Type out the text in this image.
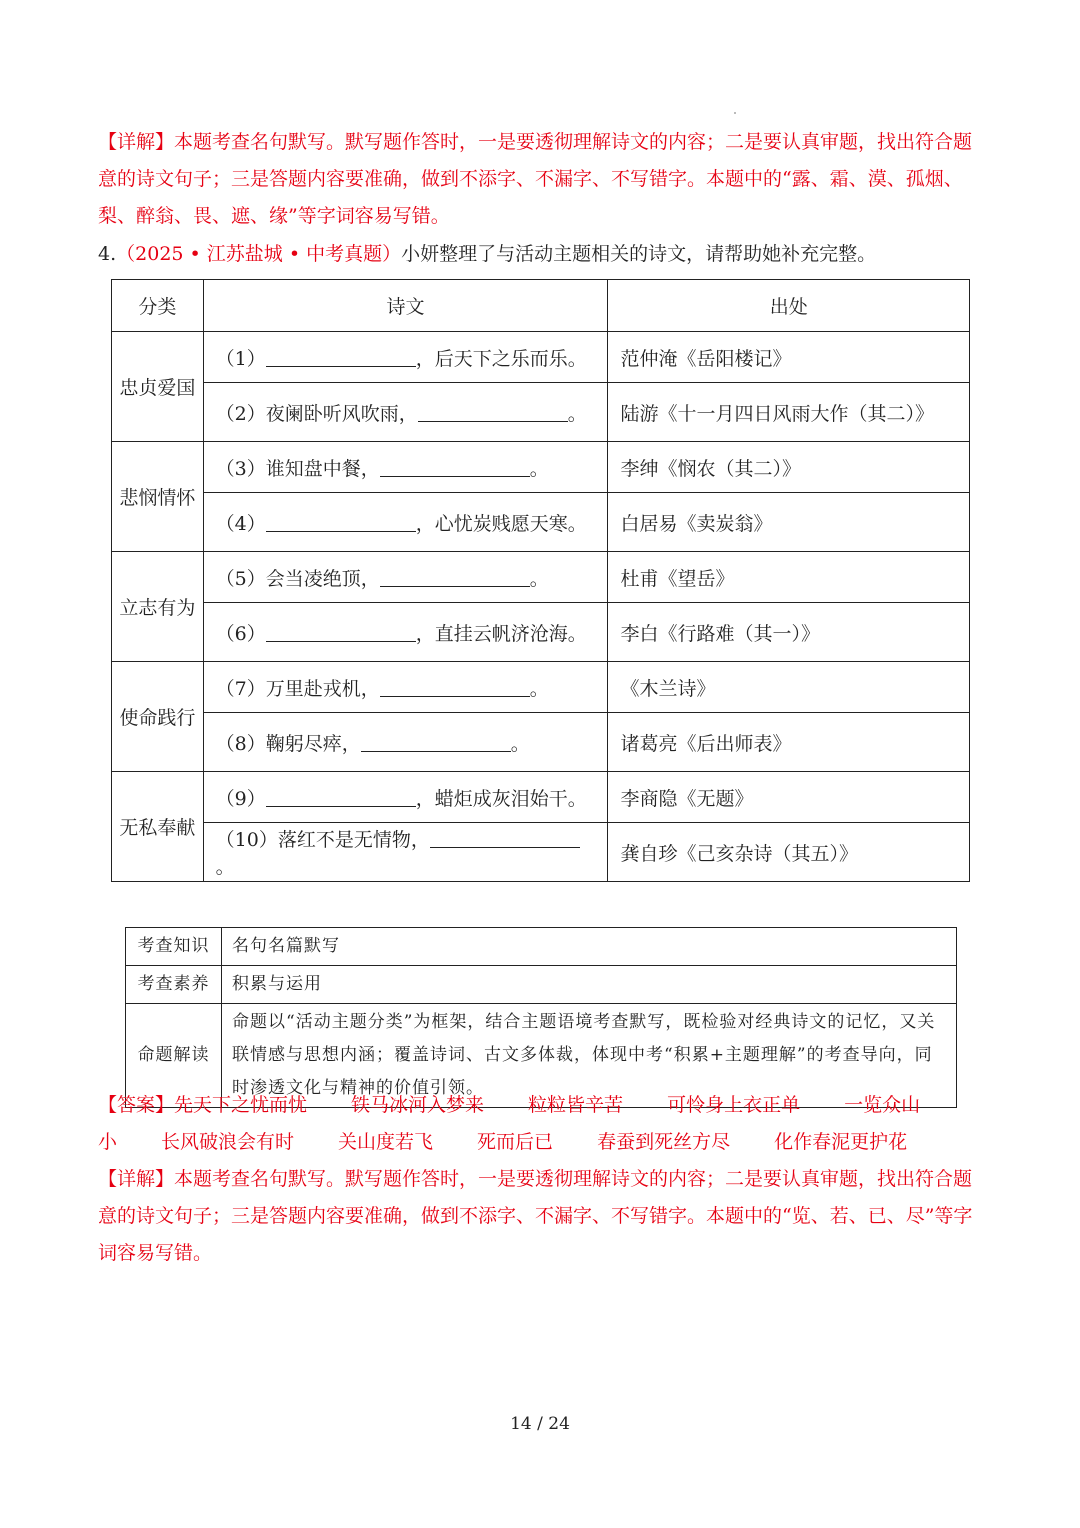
【详解】本题考查名句默写。默写题作答时，一是要透彻理解诗文的内容；二是要认真审题，找出符合题意的诗文句子；三是答题内容要准确，做到不添字、不漏字、不写错字。本题中的“露、霜、漠、孤烟、梨、醉翁、畏、遮、缘”等字词容易写错。
4.（2025 • 江苏盐城 • 中考真题）小妍整理了与活动主题相关的诗文，请帮助她补充完整。
分类	诗文	出处
忠贞爱国	（1） ，后天下之乐而乐。	范仲淹《岳阳楼记》
	（2）夜阑卧听风吹雨， 。	陆游《十一月四日风雨大作（其二）》
悲悯情怀	（3）谁知盘中餐， 。	李绅《悯农（其二）》
	（4） ，心忧炭贱愿天寒。	白居易《卖炭翁》
立志有为	（5）会当凌绝顶， 。	杜甫《望岳》
	（6） ，直挂云帆济沧海。	李白《行路难（其一）》
使命践行	（7）万里赴戎机， 。	《木兰诗》
	（8）鞠躬尽瘁， 。	诸葛亮《后出师表》
无私奉献	（9） ，蜡炬成灰泪始干。	李商隐《无题》
	（10）落红不是无情物，。	龚自珍《己亥杂诗（其五）》
考查知识	名句名篇默写
考查素养	积累与运用
命题解读	命题以“活动主题分类”为框架，结合主题语境考查默写，既检验对经典诗文的记忆，又关联情感与思想内涵；覆盖诗词、古文多体裁，体现中考“积累+主题理解”的考查导向，同时渗透文化与精神的价值引领。
【答案】先天下之忧而忧 铁马冰河入梦来 粒粒皆辛苦 可怜身上衣正单 一览众山小 长风破浪会有时 关山度若飞 死而后已 春蚕到死丝方尽 化作春泥更护花
【详解】本题考查名句默写。默写题作答时，一是要透彻理解诗文的内容；二是要认真审题，找出符合题意的诗文句子；三是答题内容要准确，做到不添字、不漏字、不写错字。本题中的“览、若、已、尽”等字词容易写错。
14 / 24
